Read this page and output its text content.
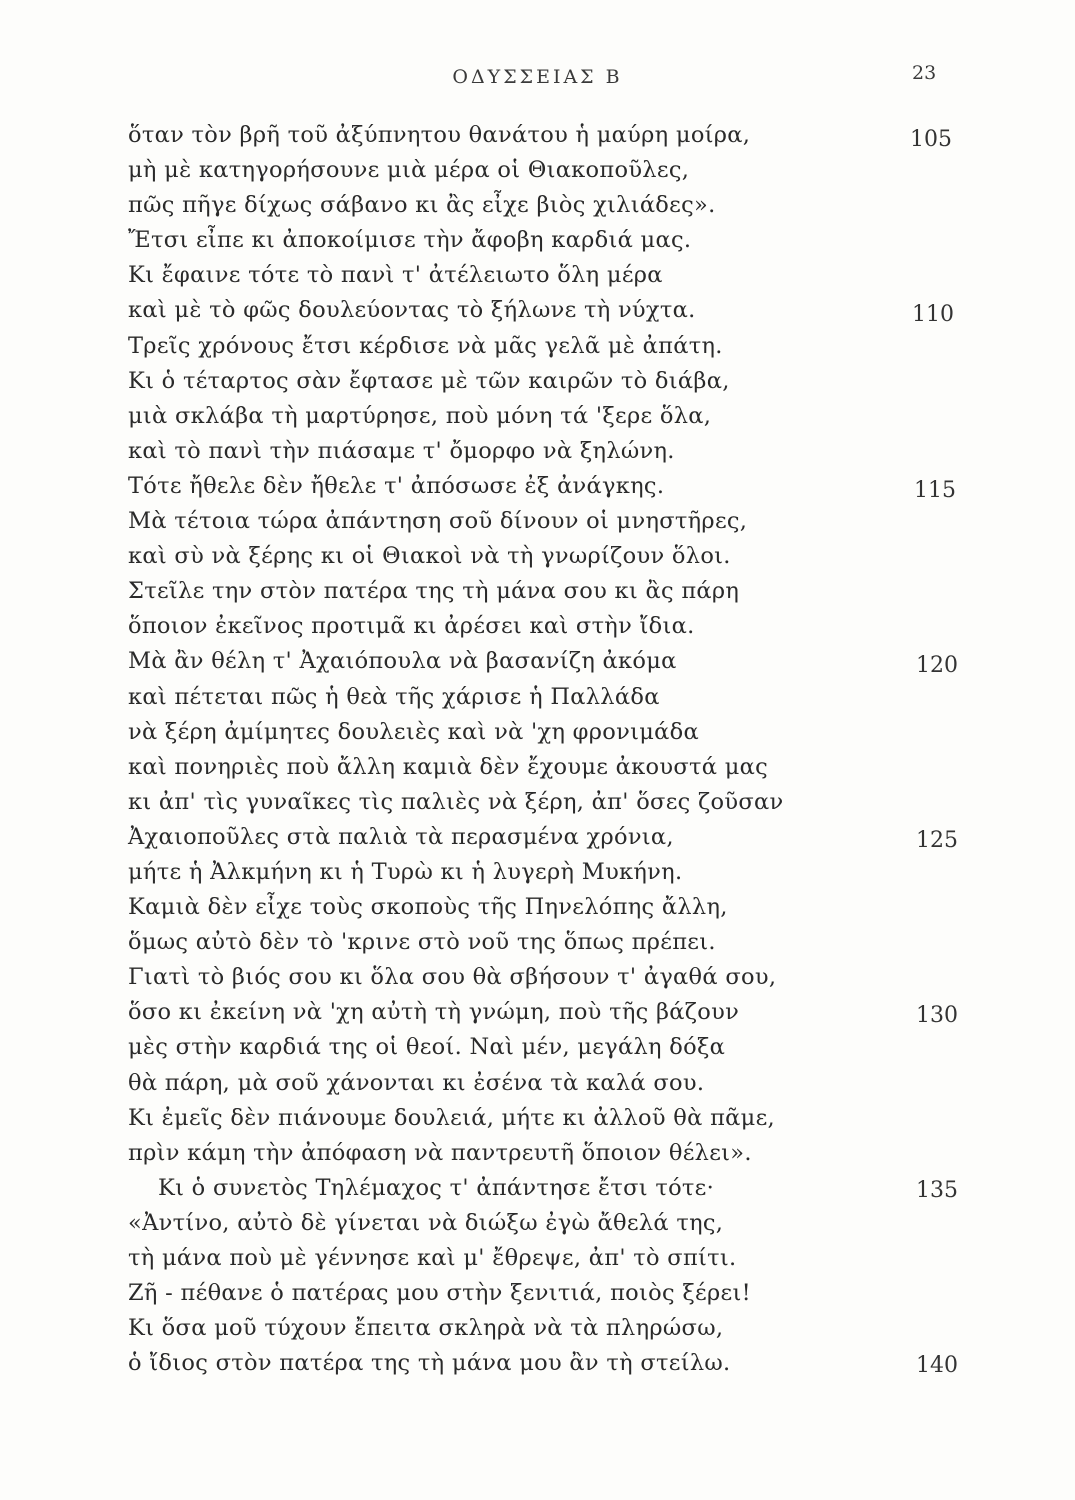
ΟΔΥΣΣΕΙΑΣ Β	23
ὅταν τὸν βρῆ τοῦ ἀξύπνητου θανάτου ἡ μαύρη μοίρα,
μὴ μὲ κατηγορήσουνε μιὰ μέρα οἱ Θιακοποῦλες,
πῶς πῆγε δίχως σάβανο κι ἂς εἶχε βιὸς χιλιάδες».
Ἔτσι εἶπε κι ἀποκοίμισε τὴν ἄφοβη καρδιά μας.
Κι ἔφαινε τότε τὸ πανὶ τ' ἀτέλειωτο ὅλη μέρα
καὶ μὲ τὸ φῶς δουλεύοντας τὸ ξήλωνε τὴ νύχτα.
Τρεῖς χρόνους ἔτσι κέρδισε νὰ μᾶς γελᾶ μὲ ἀπάτη.
Κι ὁ τέταρτος σὰν ἔφτασε μὲ τῶν καιρῶν τὸ διάβα,
μιὰ σκλάβα τὴ μαρτύρησε, ποὺ μόνη τά 'ξερε ὅλα,
καὶ τὸ πανὶ τὴν πιάσαμε τ' ὄμορφο νὰ ξηλώνη.
Τότε ἤθελε δὲν ἤθελε τ' ἀπόσωσε ἐξ ἀνάγκης.
Μὰ τέτοια τώρα ἀπάντηση σοῦ δίνουν οἱ μνηστῆρες,
καὶ σὺ νὰ ξέρης κι οἱ Θιακοὶ νὰ τὴ γνωρίζουν ὅλοι.
Στεῖλε την στὸν πατέρα της τὴ μάνα σου κι ἂς πάρη
ὅποιον ἐκεῖνος προτιμᾶ κι ἀρέσει καὶ στὴν ἴδια.
Μὰ ἂν θέλη τ' Ἀχαιόπουλα νὰ βασανίζη ἀκόμα
καὶ πέτεται πῶς ἡ θεὰ τῆς χάρισε ἡ Παλλάδα
νὰ ξέρη ἀμίμητες δουλειὲς καὶ νὰ 'χη φρονιμάδα
καὶ πονηριὲς ποὺ ἄλλη καμιὰ δὲν ἔχουμε ἀκουστά μας
κι ἀπ' τὶς γυναῖκες τὶς παλιὲς νὰ ξέρη, ἀπ' ὅσες ζοῦσαν
Ἀχαιοποῦλες στὰ παλιὰ τὰ περασμένα χρόνια,
μήτε ἡ Ἀλκμήνη κι ἡ Τυρὼ κι ἡ λυγερὴ Μυκήνη.
Καμιὰ δὲν εἶχε τοὺς σκοποὺς τῆς Πηνελόπης ἄλλη,
ὅμως αὐτὸ δὲν τὸ 'κρινε στὸ νοῦ της ὅπως πρέπει.
Γιατὶ τὸ βιός σου κι ὅλα σου θὰ σβήσουν τ' ἀγαθά σου,
ὅσο κι ἐκείνη νὰ 'χη αὐτὴ τὴ γνώμη, ποὺ τῆς βάζουν
μὲς στὴν καρδιά της οἱ θεοί. Ναὶ μέν, μεγάλη δόξα
θὰ πάρη, μὰ σοῦ χάνονται κι ἐσένα τὰ καλά σου.
Κι ἐμεῖς δὲν πιάνουμε δουλειά, μήτε κι ἀλλοῦ θὰ πᾶμε,
πρὶν κάμη τὴν ἀπόφαση νὰ παντρευτῆ ὅποιον θέλει».
Κι ὁ συνετὸς Τηλέμαχος τ' ἀπάντησε ἔτσι τότε·
«Ἀντίνο, αὐτὸ δὲ γίνεται νὰ διώξω ἐγὼ ἄθελά της,
τὴ μάνα ποὺ μὲ γέννησε καὶ μ' ἔθρεψε, ἀπ' τὸ σπίτι.
Ζῆ - πέθανε ὁ πατέρας μου στὴν ξενιτιά, ποιὸς ξέρει!
Κι ὅσα μοῦ τύχουν ἔπειτα σκληρὰ νὰ τὰ πληρώσω,
ὁ ἴδιος στὸν πατέρα της τὴ μάνα μου ἂν τὴ στείλω.
105
110
115
120
125
130
135
140
